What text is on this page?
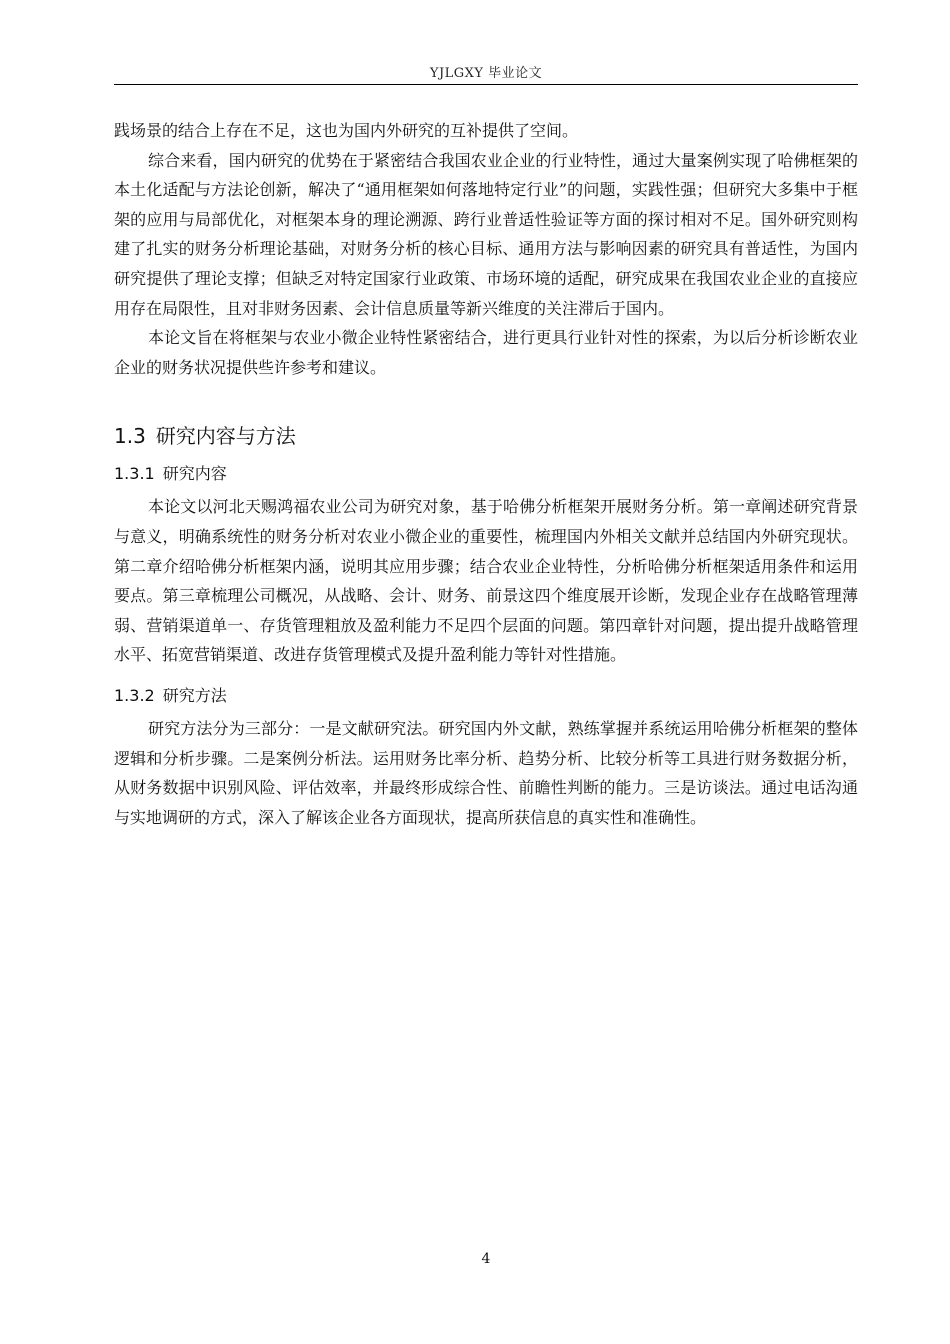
YJLGXY 毕业论文

践场景的结合上存在不足，这也为国内外研究的互补提供了空间。

综合来看，国内研究的优势在于紧密结合我国农业企业的行业特性，通过大量案例实现了哈佛框架的本土化适配与方法论创新，解决了“通用框架如何落地特定行业”的问题，实践性强；但研究大多集中于框架的应用与局部优化，对框架本身的理论溯源、跨行业普适性验证等方面的探讨相对不足。国外研究则构建了扎实的财务分析理论基础，对财务分析的核心目标、通用方法与影响因素的研究具有普适性，为国内研究提供了理论支撑；但缺乏对特定国家行业政策、市场环境的适配，研究成果在我国农业企业的直接应用存在局限性，且对非财务因素、会计信息质量等新兴维度的关注滞后于国内。

本论文旨在将框架与农业小微企业特性紧密结合，进行更具行业针对性的探索，为以后分析诊断农业企业的财务状况提供些许参考和建议。

1.3 研究内容与方法
1.3.1 研究内容

本论文以河北天赐鸿福农业公司为研究对象，基于哈佛分析框架开展财务分析。第一章阐述研究背景与意义，明确系统性的财务分析对农业小微企业的重要性，梳理国内外相关文献并总结国内外研究现状。第二章介绍哈佛分析框架内涵，说明其应用步骤；结合农业企业特性，分析哈佛分析框架适用条件和运用要点。第三章梳理公司概况，从战略、会计、财务、前景这四个维度展开诊断，发现企业存在战略管理薄弱、营销渠道单一、存货管理粗放及盈利能力不足四个层面的问题。第四章针对问题，提出提升战略管理水平、拓宽营销渠道、改进存货管理模式及提升盈利能力等针对性措施。

1.3.2 研究方法

研究方法分为三部分：一是文献研究法。研究国内外文献，熟练掌握并系统运用哈佛分析框架的整体逻辑和分析步骤。二是案例分析法。运用财务比率分析、趋势分析、比较分析等工具进行财务数据分析，从财务数据中识别风险、评估效率，并最终形成综合性、前瞻性判断的能力。三是访谈法。通过电话沟通与实地调研的方式，深入了解该企业各方面现状，提高所获信息的真实性和准确性。

4
